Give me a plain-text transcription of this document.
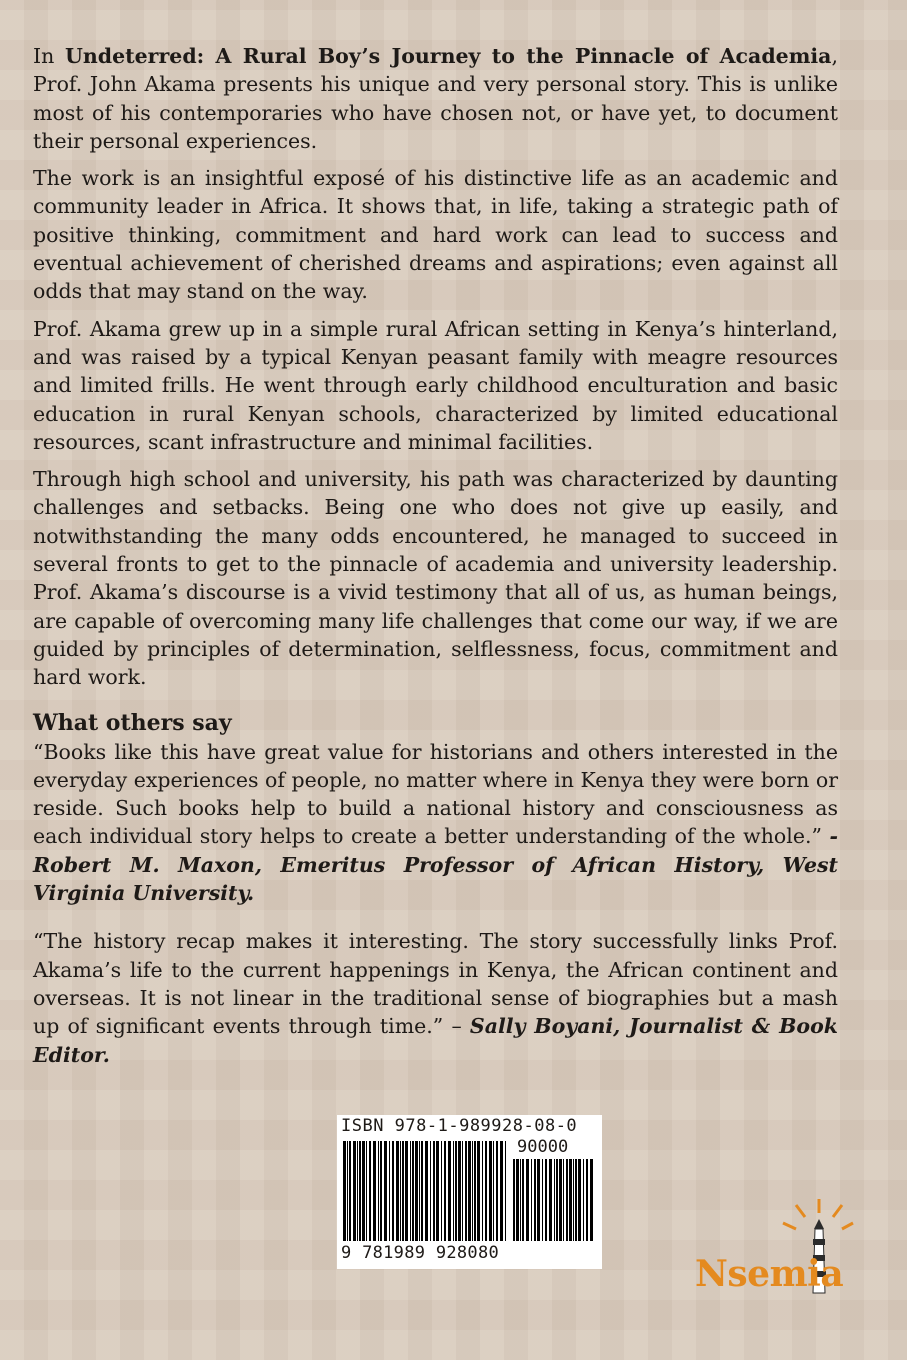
In Undeterred: A Rural Boy’s Journey to the Pinnacle of Academia, Prof. John Akama presents his unique and very personal story. This is unlike most of his contemporaries who have chosen not, or have yet, to document their personal experiences.

The work is an insightful exposé of his distinctive life as an academic and community leader in Africa. It shows that, in life, taking a strategic path of positive thinking, commitment and hard work can lead to success and eventual achievement of cherished dreams and aspirations; even against all odds that may stand on the way.

Prof. Akama grew up in a simple rural African setting in Kenya’s hinterland, and was raised by a typical Kenyan peasant family with meagre resources and limited frills. He went through early childhood enculturation and basic education in rural Kenyan schools, characterized by limited educational resources, scant infrastructure and minimal facilities.

Through high school and university, his path was characterized by daunting challenges and setbacks. Being one who does not give up easily, and notwithstanding the many odds encountered, he managed to succeed in several fronts to get to the pinnacle of academia and university leadership. Prof. Akama’s discourse is a vivid testimony that all of us, as human beings, are capable of overcoming many life challenges that come our way, if we are guided by principles of determination, selflessness, focus, commitment and hard work.

What others say

“Books like this have great value for historians and others interested in the everyday experiences of people, no matter where in Kenya they were born or reside. Such books help to build a national history and consciousness as each individual story helps to create a better understanding of the whole.” - Robert M. Maxon, Emeritus Professor of African History, West Virginia University.

“The history recap makes it interesting. The story successfully links Prof. Akama’s life to the current happenings in Kenya, the African continent and overseas. It is not linear in the traditional sense of biographies but a mash up of significant events through time.” – Sally Boyani, Journalist & Book Editor.

ISBN 978-1-989928-08-0
90000
9 781989 928080	Nsemia
